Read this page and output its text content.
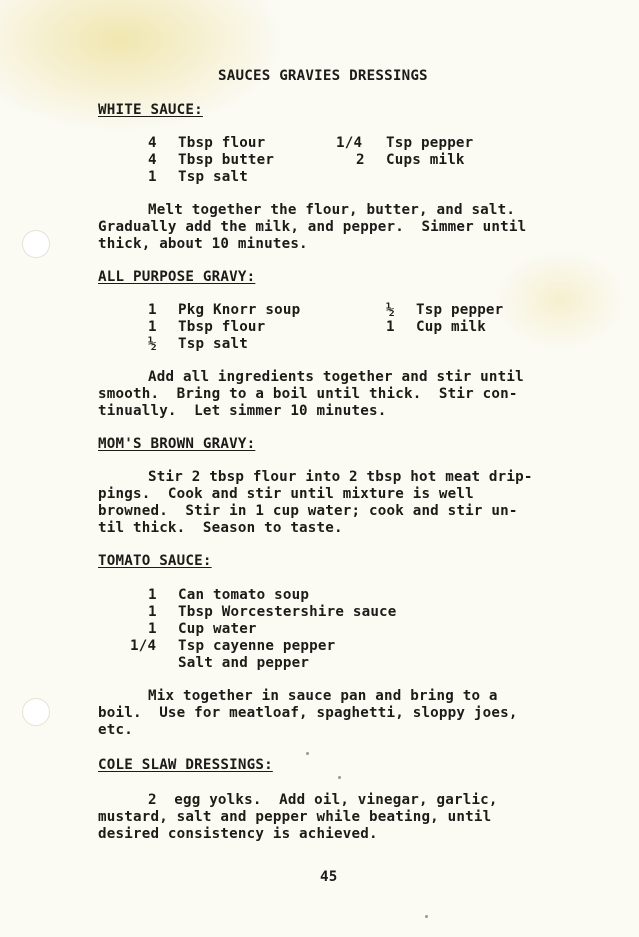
SAUCES GRAVIES DRESSINGS
WHITE SAUCE:
4 Tbsp flour
4 Tbsp butter
1 Tsp salt
1/4 Tsp pepper
2 Cups milk
Melt together the flour, butter, and salt.
Gradually add the milk, and pepper.  Simmer until
thick, about 10 minutes.
ALL PURPOSE GRAVY:
1 Pkg Knorr soup
1 Tbsp flour
½ Tsp salt
½ Tsp pepper
1 Cup milk
Add all ingredients together and stir until
smooth.  Bring to a boil until thick.  Stir con-
tinually.  Let simmer 10 minutes.
MOM'S BROWN GRAVY:
Stir 2 tbsp flour into 2 tbsp hot meat drip-
pings.  Cook and stir until mixture is well
browned.  Stir in 1 cup water; cook and stir un-
til thick.  Season to taste.
TOMATO SAUCE:
1 Can tomato soup
1 Tbsp Worcestershire sauce
1 Cup water
1/4 Tsp cayenne pepper
Salt and pepper
Mix together in sauce pan and bring to a
boil.  Use for meatloaf, spaghetti, sloppy joes,
etc.
COLE SLAW DRESSINGS:
2  egg yolks.  Add oil, vinegar, garlic,
mustard, salt and pepper while beating, until
desired consistency is achieved.
45
